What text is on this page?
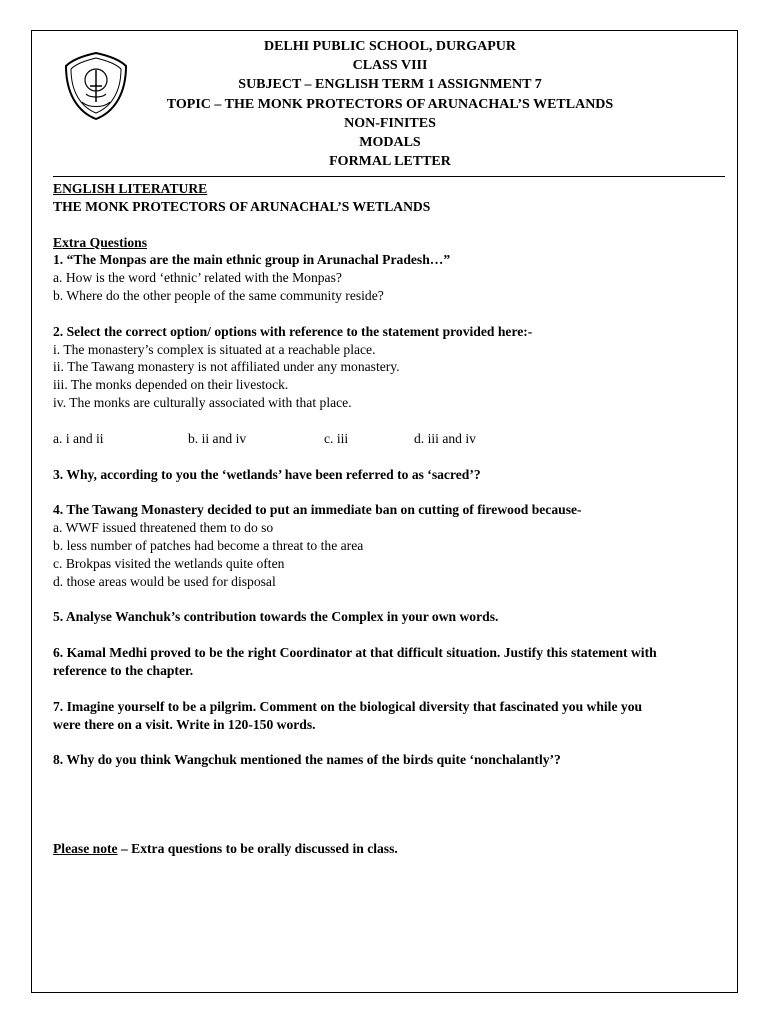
DELHI PUBLIC SCHOOL, DURGAPUR
CLASS VIII
SUBJECT – ENGLISH TERM 1 ASSIGNMENT 7
TOPIC – THE MONK PROTECTORS OF ARUNACHAL’S WETLANDS
NON-FINITES
MODALS
FORMAL LETTER
ENGLISH LITERATURE
THE MONK PROTECTORS OF ARUNACHAL’S WETLANDS
Extra Questions
1. “The Monpas are the main ethnic group in Arunachal Pradesh…”
a. How is the word ‘ethnic’ related with the Monpas?
b. Where do the other people of the same community reside?
2. Select the correct option/ options with reference to the statement provided here:-
i. The monastery’s complex is situated at a reachable place.
ii. The Tawang monastery is not affiliated under any monastery.
iii. The monks depended on their livestock.
iv. The monks are culturally associated with that place.
a. i and ii	b. ii and iv	c. iii	d. iii and iv
3. Why, according to you the ‘wetlands’ have been referred to as ‘sacred’?
4. The Tawang Monastery decided to put an immediate ban on cutting of firewood because-
a. WWF issued threatened them to do so
b. less number of patches had become a threat to the area
c. Brokpas visited the wetlands quite often
d. those areas would be used for disposal
5. Analyse Wanchuk’s contribution towards the Complex in your own words.
6. Kamal Medhi proved to be the right Coordinator at that difficult situation. Justify this statement with
reference to the chapter.
7. Imagine yourself to be a pilgrim. Comment on the biological diversity that fascinated you while you
were there on a visit. Write in 120-150 words.
8. Why do you think Wangchuk mentioned the names of the birds quite ‘nonchalantly’?
Please note – Extra questions to be orally discussed in class.
